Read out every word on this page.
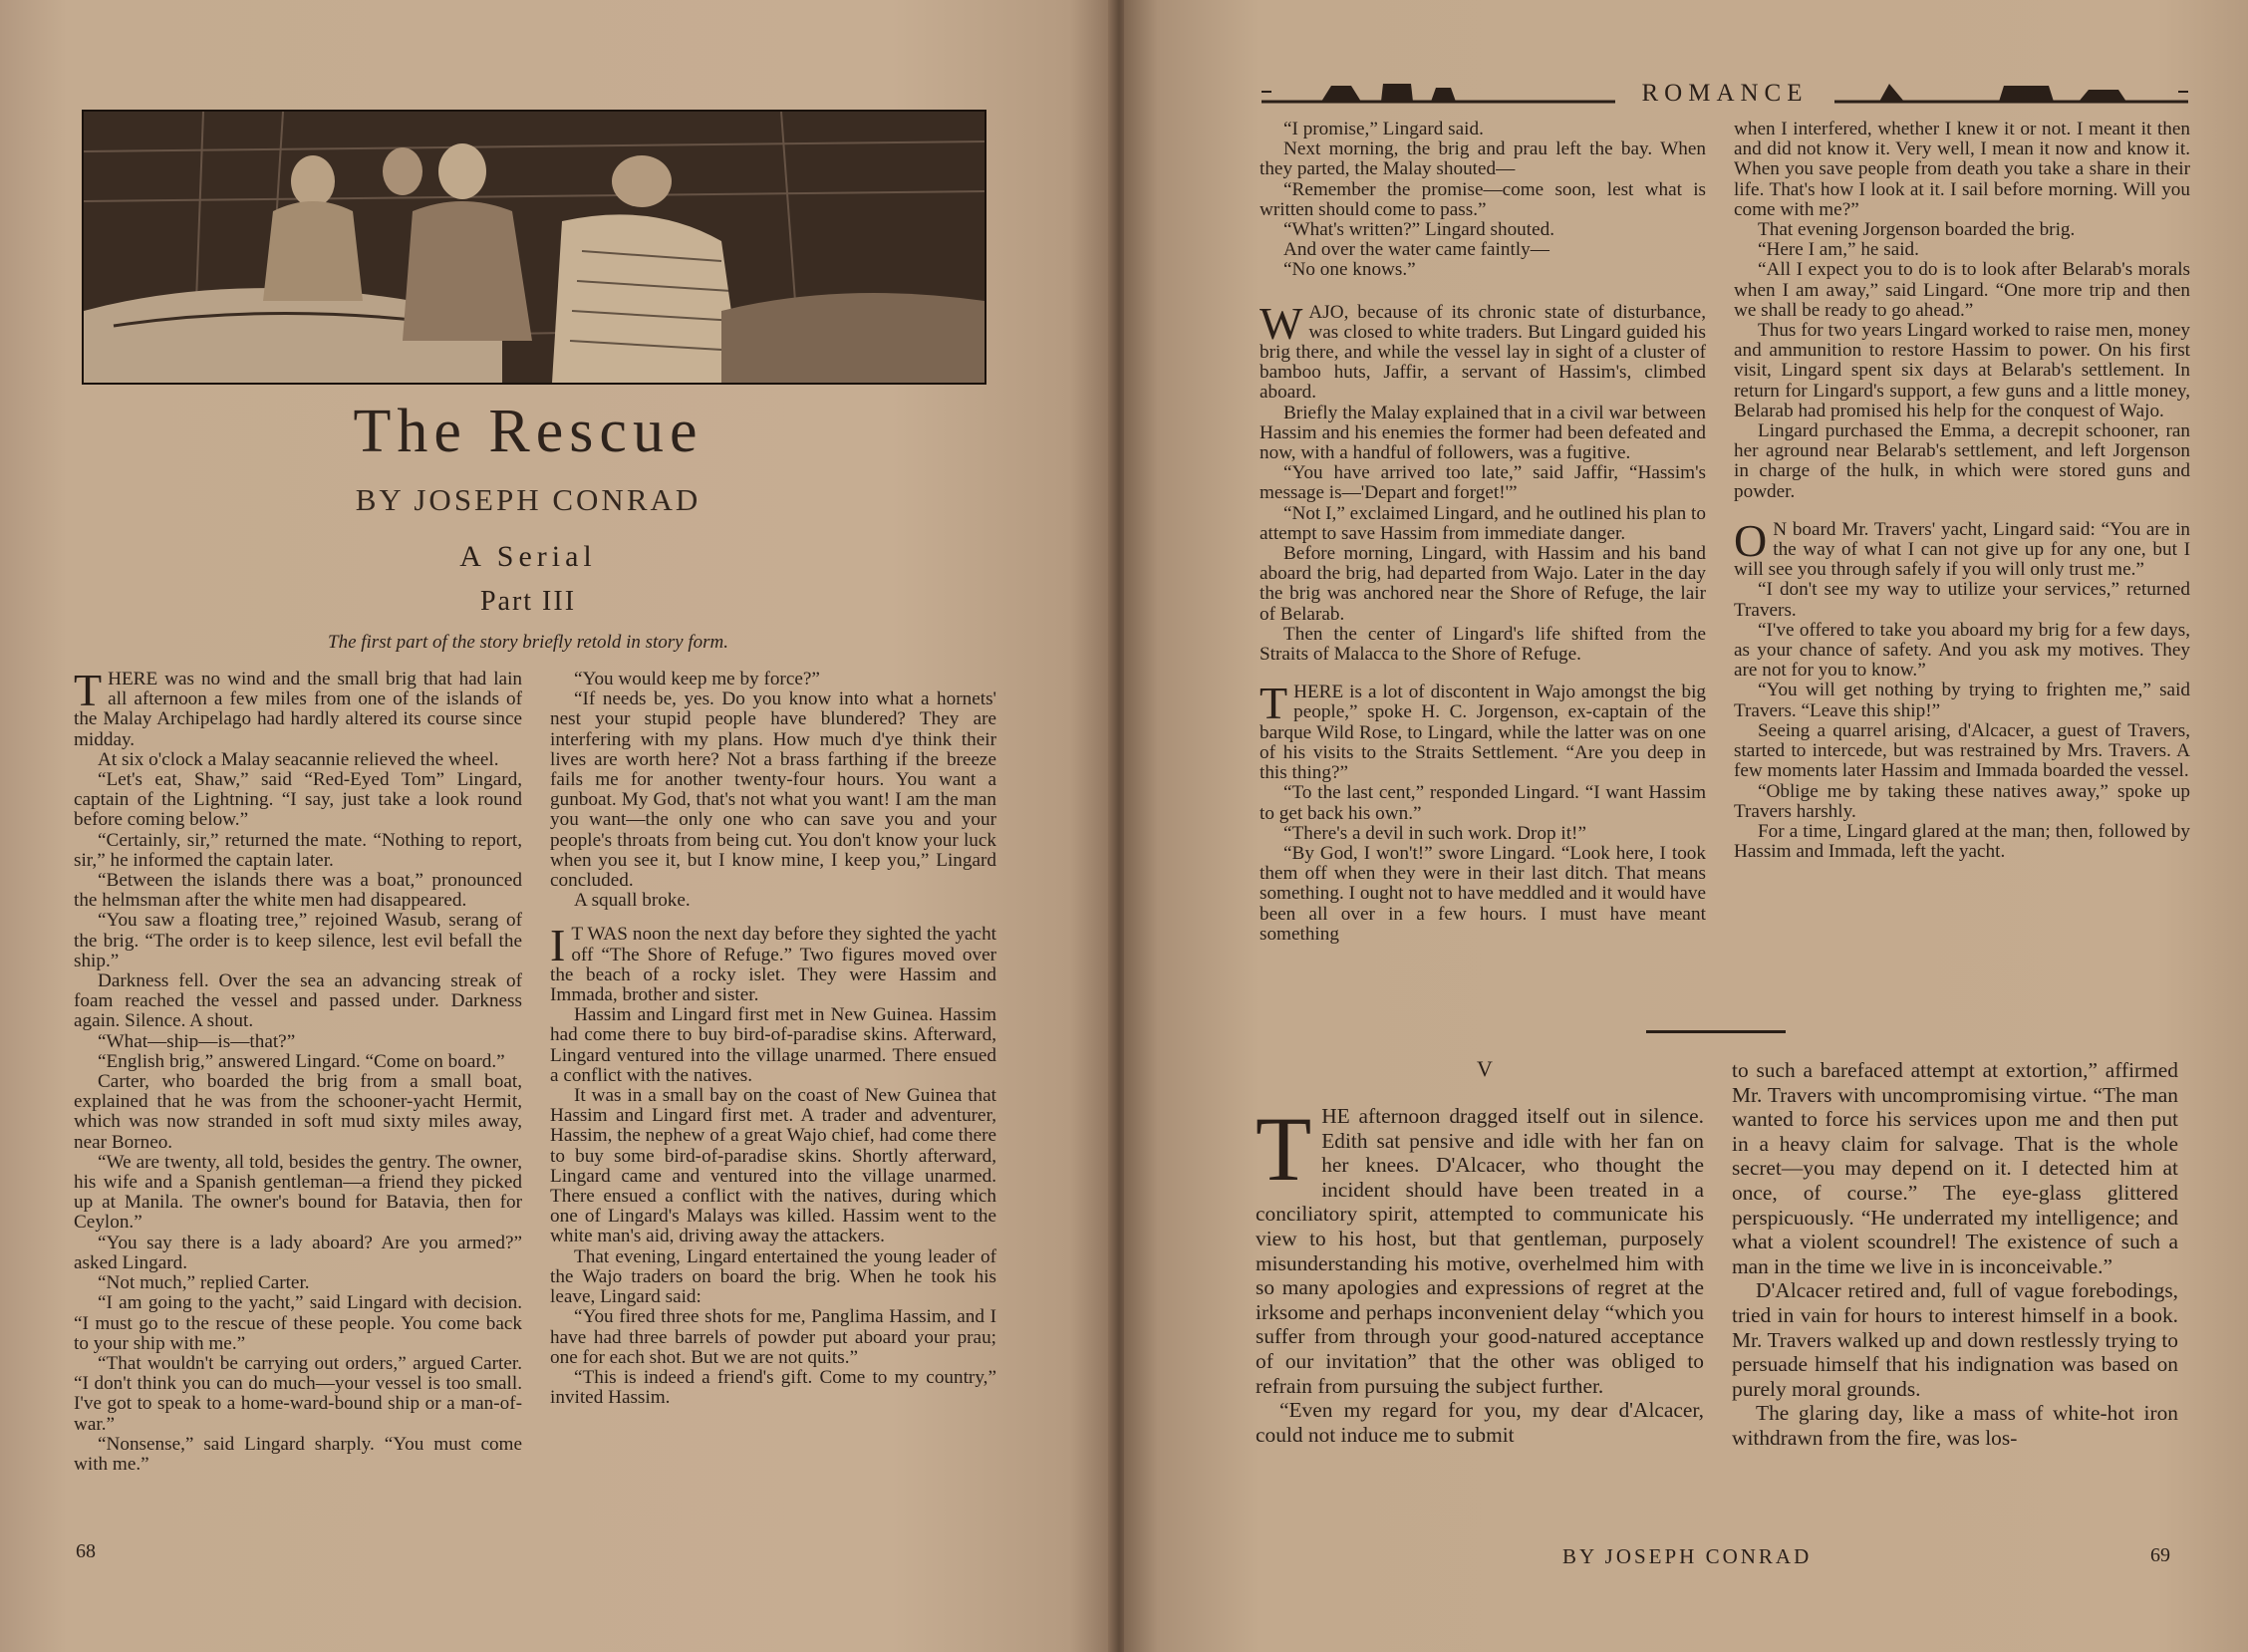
The Rescue
BY JOSEPH CONRAD
A Serial
Part III
The first part of the story briefly retold in story form.

THERE was no wind and the small brig that had lain all afternoon a few miles from one of the islands of the Malay Archipelago had hardly altered its course since midday.

At six o'clock a Malay seacannie relieved the wheel.

“Let's eat, Shaw,” said “Red-Eyed Tom” Lingard, captain of the Lightning. “I say, just take a look round before coming below.”

“Certainly, sir,” returned the mate. “Nothing to report, sir,” he informed the captain later.

“Between the islands there was a boat,” pronounced the helmsman after the white men had disappeared.

“You saw a floating tree,” rejoined Wasub, serang of the brig. “The order is to keep silence, lest evil befall the ship.”

Darkness fell. Over the sea an advancing streak of foam reached the vessel and passed under. Darkness again. Silence. A shout.

“What—ship—is—that?”

“English brig,” answered Lingard. “Come on board.”

Carter, who boarded the brig from a small boat, explained that he was from the schooner-yacht Hermit, which was now stranded in soft mud sixty miles away, near Borneo.

“We are twenty, all told, besides the gentry. The owner, his wife and a Spanish gentleman—a friend they picked up at Manila. The owner's bound for Batavia, then for Ceylon.”

“You say there is a lady aboard? Are you armed?” asked Lingard.

“Not much,” replied Carter.

“I am going to the yacht,” said Lingard with decision. “I must go to the rescue of these people. You come back to your ship with me.”

“That wouldn't be carrying out orders,” argued Carter. “I don't think you can do much—your vessel is too small. I've got to speak to a home-ward-bound ship or a man-of-war.”

“Nonsense,” said Lingard sharply. “You must come with me.”

“You would keep me by force?”

“If needs be, yes. Do you know into what a hornets' nest your stupid people have blundered? They are interfering with my plans. How much d'ye think their lives are worth here? Not a brass farthing if the breeze fails me for another twenty-four hours. You want a gunboat. My God, that's not what you want! I am the man you want—the only one who can save you and your people's throats from being cut. You don't know your luck when you see it, but I know mine, I keep you,” Lingard concluded.

A squall broke.

I T WAS noon the next day before they sighted the yacht off “The Shore of Refuge.” Two figures moved over the beach of a rocky islet. They were Hassim and Immada, brother and sister.

Hassim and Lingard first met in New Guinea. Hassim had come there to buy bird-of-paradise skins. Afterward, Lingard ventured into the village unarmed. There ensued a conflict with the natives.

It was in a small bay on the coast of New Guinea that Hassim and Lingard first met. A trader and adventurer, Hassim, the nephew of a great Wajo chief, had come there to buy some bird-of-paradise skins. Shortly afterward, Lingard came and ventured into the village unarmed. There ensued a conflict with the natives, during which one of Lingard's Malays was killed. Hassim went to the white man's aid, driving away the attackers.

That evening, Lingard entertained the young leader of the Wajo traders on board the brig. When he took his leave, Lingard said:

“You fired three shots for me, Panglima Hassim, and I have had three barrels of powder put aboard your prau; one for each shot. But we are not quits.”

“This is indeed a friend's gift. Come to my country,” invited Hassim.

68
ROMANCE

“I promise,” Lingard said.

Next morning, the brig and prau left the bay. When they parted, the Malay shouted—

“Remember the promise—come soon, lest what is written should come to pass.”

“What's written?” Lingard shouted.

And over the water came faintly—

“No one knows.”

WAJO, because of its chronic state of disturbance, was closed to white traders. But Lingard guided his brig there, and while the vessel lay in sight of a cluster of bamboo huts, Jaffir, a servant of Hassim's, climbed aboard.

Briefly the Malay explained that in a civil war between Hassim and his enemies the former had been defeated and now, with a handful of followers, was a fugitive.

“You have arrived too late,” said Jaffir, “Hassim's message is—'Depart and forget!'”

“Not I,” exclaimed Lingard, and he outlined his plan to attempt to save Hassim from immediate danger.

Before morning, Lingard, with Hassim and his band aboard the brig, had departed from Wajo. Later in the day the brig was anchored near the Shore of Refuge, the lair of Belarab.

Then the center of Lingard's life shifted from the Straits of Malacca to the Shore of Refuge.

THERE is a lot of discontent in Wajo amongst the big people,” spoke H. C. Jorgenson, ex-captain of the barque Wild Rose, to Lingard, while the latter was on one of his visits to the Straits Settlement. “Are you deep in this thing?”

“To the last cent,” responded Lingard. “I want Hassim to get back his own.”

“There's a devil in such work. Drop it!”

“By God, I won't!” swore Lingard. “Look here, I took them off when they were in their last ditch. That means something. I ought not to have meddled and it would have been all over in a few hours. I must have meant something

when I interfered, whether I knew it or not. I meant it then and did not know it. Very well, I mean it now and know it. When you save people from death you take a share in their life. That's how I look at it. I sail before morning. Will you come with me?”

That evening Jorgenson boarded the brig.

“Here I am,” he said.

“All I expect you to do is to look after Belarab's morals when I am away,” said Lingard. “One more trip and then we shall be ready to go ahead.”

Thus for two years Lingard worked to raise men, money and ammunition to restore Hassim to power. On his first visit, Lingard spent six days at Belarab's settlement. In return for Lingard's support, a few guns and a little money, Belarab had promised his help for the conquest of Wajo.

Lingard purchased the Emma, a decrepit schooner, ran her aground near Belarab's settlement, and left Jorgenson in charge of the hulk, in which were stored guns and powder.

O N board Mr. Travers' yacht, Lingard said: “You are in the way of what I can not give up for any one, but I will see you through safely if you will only trust me.”

“I don't see my way to utilize your services,” returned Travers.

“I've offered to take you aboard my brig for a few days, as your chance of safety. And you ask my motives. They are not for you to know.”

“You will get nothing by trying to frighten me,” said Travers. “Leave this ship!”

Seeing a quarrel arising, d'Alcacer, a guest of Travers, started to intercede, but was restrained by Mrs. Travers. A few moments later Hassim and Immada boarded the vessel.

“Oblige me by taking these natives away,” spoke up Travers harshly.

For a time, Lingard glared at the man; then, followed by Hassim and Immada, left the yacht.

V

THE afternoon dragged itself out in silence. Edith sat pensive and idle with her fan on her knees. D'Alcacer, who thought the incident should have been treated in a conciliatory spirit, attempted to communicate his view to his host, but that gentleman, purposely misunderstanding his motive, overhelmed him with so many apologies and expressions of regret at the irksome and perhaps inconvenient delay “which you suffer from through your good-natured acceptance of our invitation” that the other was obliged to refrain from pursuing the subject further.

“Even my regard for you, my dear d'Alcacer, could not induce me to submit

to such a barefaced attempt at extortion,” affirmed Mr. Travers with uncompromising virtue. “The man wanted to force his services upon me and then put in a heavy claim for salvage. That is the whole secret—you may depend on it. I detected him at once, of course.” The eye-glass glittered perspicuously. “He underrated my intelligence; and what a violent scoundrel! The existence of such a man in the time we live in is inconceivable.”

D'Alcacer retired and, full of vague forebodings, tried in vain for hours to interest himself in a book. Mr. Travers walked up and down restlessly trying to persuade himself that his indignation was based on purely moral grounds.

The glaring day, like a mass of white-hot iron withdrawn from the fire, was los-

BY JOSEPH CONRAD	69
